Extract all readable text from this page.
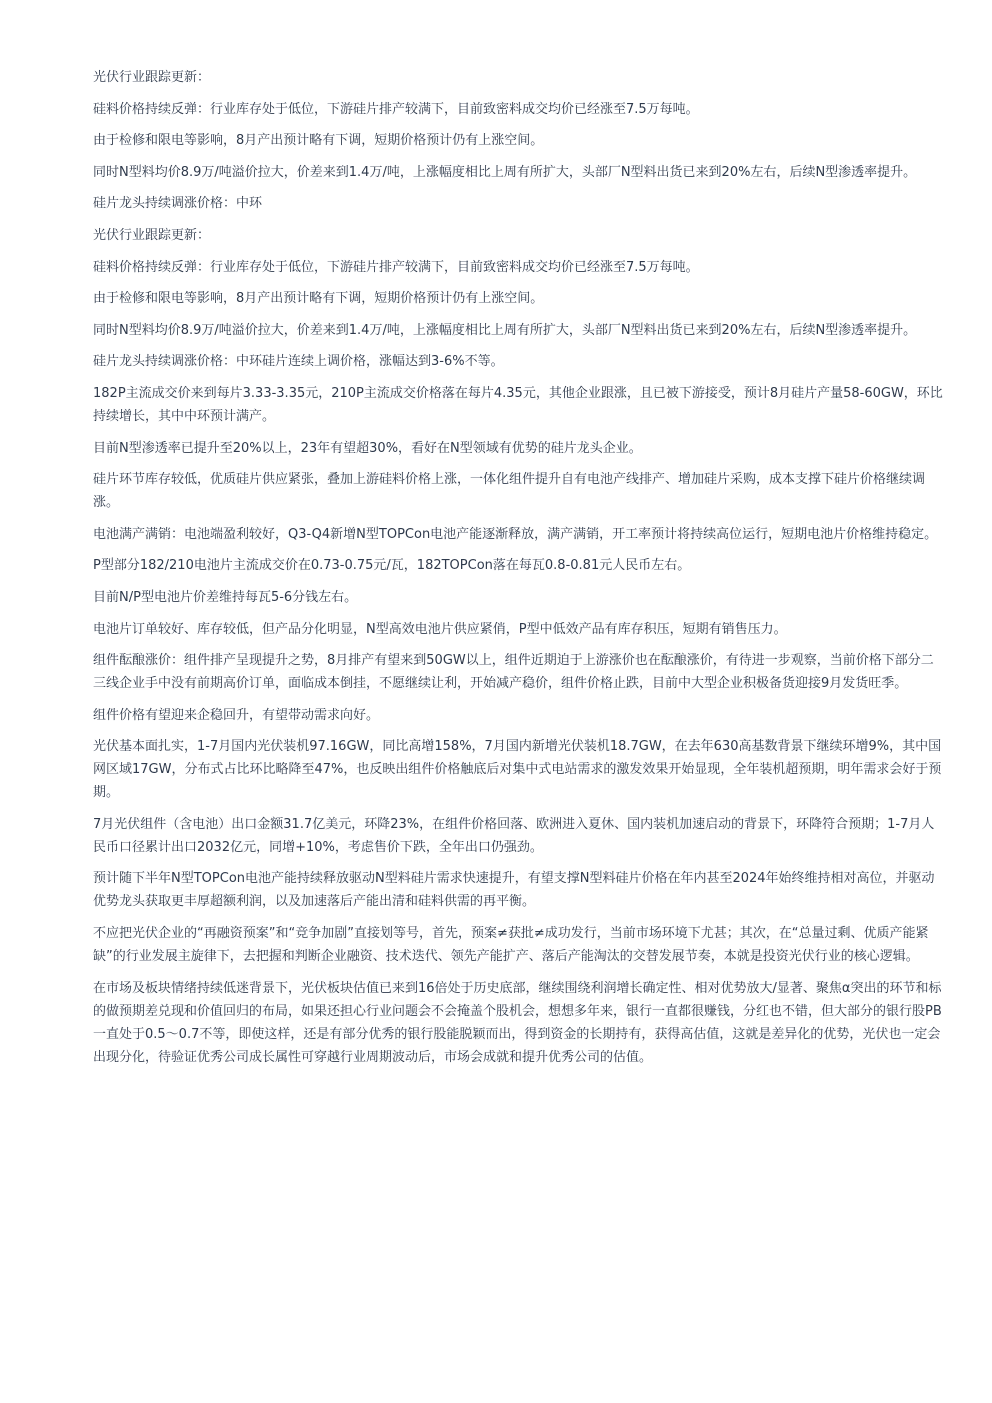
光伏行业跟踪更新：

硅料价格持续反弹：行业库存处于低位，下游硅片排产较满下，目前致密料成交均价已经涨至7.5万每吨。

由于检修和限电等影响，8月产出预计略有下调，短期价格预计仍有上涨空间。

同时N型料均价8.9万/吨溢价拉大，价差来到1.4万/吨，上涨幅度相比上周有所扩大，头部厂N型料出货已来到20%左右，后续N型渗透率提升。

硅片龙头持续调涨价格：中环

光伏行业跟踪更新：

硅料价格持续反弹：行业库存处于低位，下游硅片排产较满下，目前致密料成交均价已经涨至7.5万每吨。

由于检修和限电等影响，8月产出预计略有下调，短期价格预计仍有上涨空间。

同时N型料均价8.9万/吨溢价拉大，价差来到1.4万/吨，上涨幅度相比上周有所扩大，头部厂N型料出货已来到20%左右，后续N型渗透率提升。

硅片龙头持续调涨价格：中环硅片连续上调价格，涨幅达到3-6%不等。

182P主流成交价来到每片3.33-3.35元，210P主流成交价格落在每片4.35元，其他企业跟涨，且已被下游接受，预计8月硅片产量58-60GW，环比持续增长，其中中环预计满产。

目前N型渗透率已提升至20%以上，23年有望超30%，看好在N型领域有优势的硅片龙头企业。

硅片环节库存较低，优质硅片供应紧张，叠加上游硅料价格上涨，一体化组件提升自有电池产线排产、增加硅片采购，成本支撑下硅片价格继续调涨。

电池满产满销：电池端盈利较好，Q3-Q4新增N型TOPCon电池产能逐渐释放，满产满销，开工率预计将持续高位运行，短期电池片价格维持稳定。

P型部分182/210电池片主流成交价在0.73-0.75元/瓦，182TOPCon落在每瓦0.8-0.81元人民币左右。

目前N/P型电池片价差维持每瓦5-6分钱左右。

电池片订单较好、库存较低，但产品分化明显，N型高效电池片供应紧俏，P型中低效产品有库存积压，短期有销售压力。

组件酝酿涨价：组件排产呈现提升之势，8月排产有望来到50GW以上，组件近期迫于上游涨价也在酝酿涨价，有待进一步观察，当前价格下部分二三线企业手中没有前期高价订单，面临成本倒挂，不愿继续让利，开始减产稳价，组件价格止跌，目前中大型企业积极备货迎接9月发货旺季。

组件价格有望迎来企稳回升，有望带动需求向好。

光伏基本面扎实，1-7月国内光伏装机97.16GW，同比高增158%，7月国内新增光伏装机18.7GW，在去年630高基数背景下继续环增9%，其中国网区域17GW，分布式占比环比略降至47%，也反映出组件价格触底后对集中式电站需求的激发效果开始显现，全年装机超预期，明年需求会好于预期。

7月光伏组件（含电池）出口金额31.7亿美元，环降23%，在组件价格回落、欧洲进入夏休、国内装机加速启动的背景下，环降符合预期；1-7月人民币口径累计出口2032亿元，同增+10%，考虑售价下跌，全年出口仍强劲。

预计随下半年N型TOPCon电池产能持续释放驱动N型料硅片需求快速提升，有望支撑N型料硅片价格在年内甚至2024年始终维持相对高位，并驱动优势龙头获取更丰厚超额利润，以及加速落后产能出清和硅料供需的再平衡。

不应把光伏企业的“再融资预案”和“竞争加剧”直接划等号，首先，预案≠获批≠成功发行，当前市场环境下尤甚；其次，在“总量过剩、优质产能紧缺”的行业发展主旋律下，去把握和判断企业融资、技术迭代、领先产能扩产、落后产能淘汰的交替发展节奏，本就是投资光伏行业的核心逻辑。

在市场及板块情绪持续低迷背景下，光伏板块估值已来到16倍处于历史底部，继续围绕利润增长确定性、相对优势放大/显著、聚焦α突出的环节和标的做预期差兑现和价值回归的布局，如果还担心行业问题会不会掩盖个股机会，想想多年来，银行一直都很赚钱，分红也不错，但大部分的银行股PB一直处于0.5～0.7不等，即使这样，还是有部分优秀的银行股能脱颖而出，得到资金的长期持有，获得高估值，这就是差异化的优势，光伏也一定会出现分化，待验证优秀公司成长属性可穿越行业周期波动后，市场会成就和提升优秀公司的估值。
